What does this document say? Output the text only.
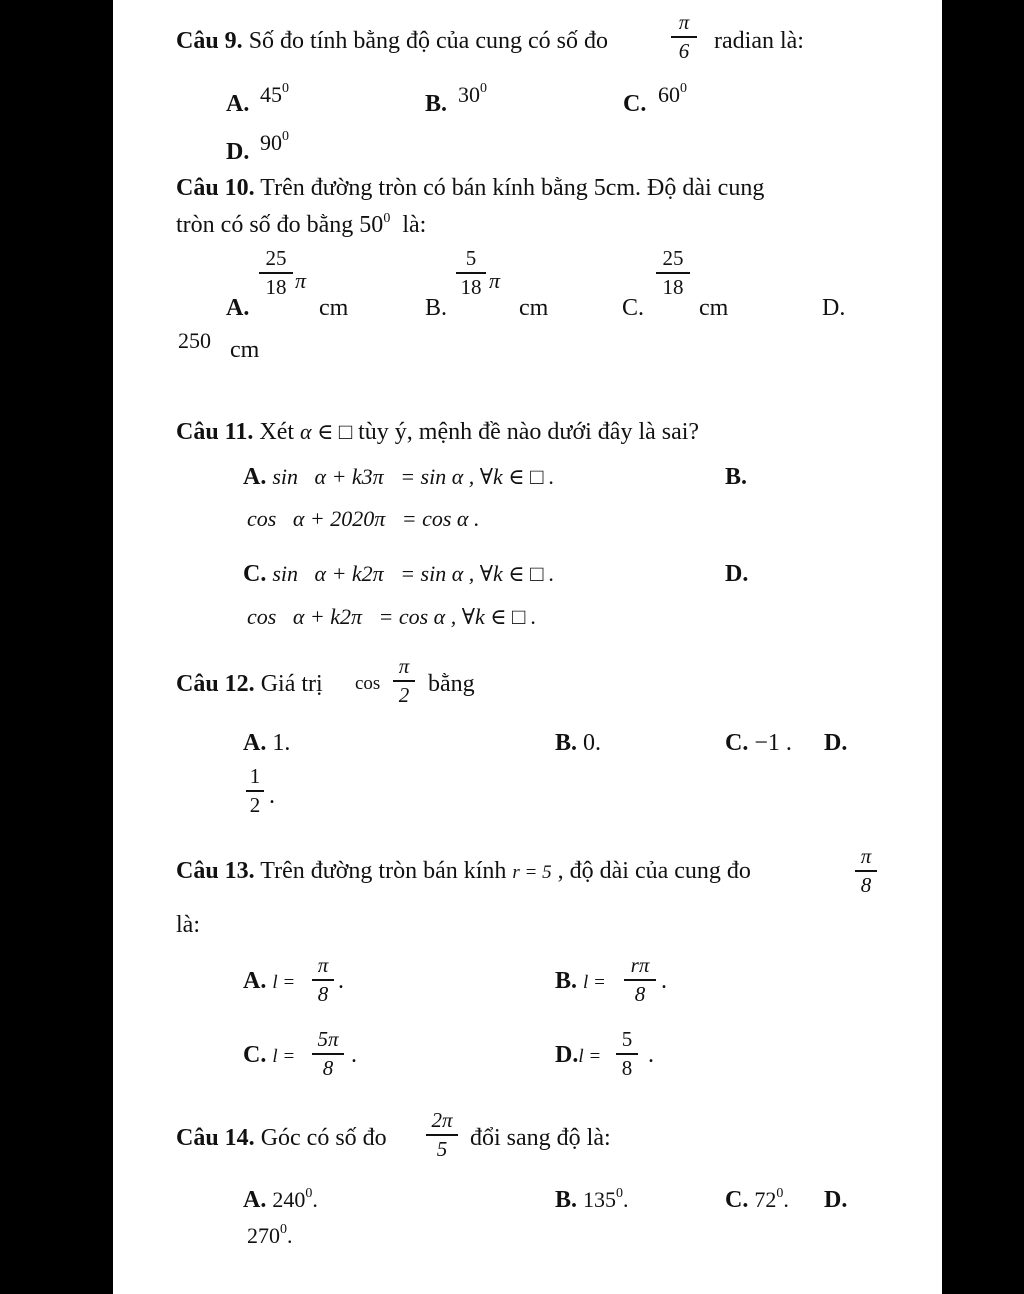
Câu 9. Số đo tính bằng độ của cung có số đo
π
6	radian là:
A. $45^0$
B. $30^0$
C. $60^0$
D. $90^0$
Câu 10. Trên đường tròn có bán kính bằng 5cm. Độ dài cung
tròn có số đo bằng $50^0$ là:
A.
25
18 π
cm	B.
5
18 π
cm	C.
25
18
cm	D.
250 cm
Câu 11. Xét α ∈ □ tùy ý, mệnh đề nào dưới đây là sai?
A. sin   α + k3π   = sin α , ∀k ∈ □ .	B.
cos   α + 2020π   = cos α .
C. sin   α + k2π   = sin α , ∀k ∈ □ .	D.
cos   α + k2π   = cos α , ∀k ∈ □ .
Câu 12. Giá trị cos
π
2 bằng
A. 1.	B. 0.	C. −1 . D.
1
2 .
Câu 13. Trên đường tròn bán kính r = 5 , độ dài của cung đo
π
8
là:
A. l =
π
8 .	B. l =
rπ
8 .
C. l =
5π
8 .	D.l =
5
8 .
Câu 14. Góc có số đo
2π
5 đổi sang độ là:
A. $240^0$.	B. $135^0$.	C. $72^0$. D.
$270^0$.
